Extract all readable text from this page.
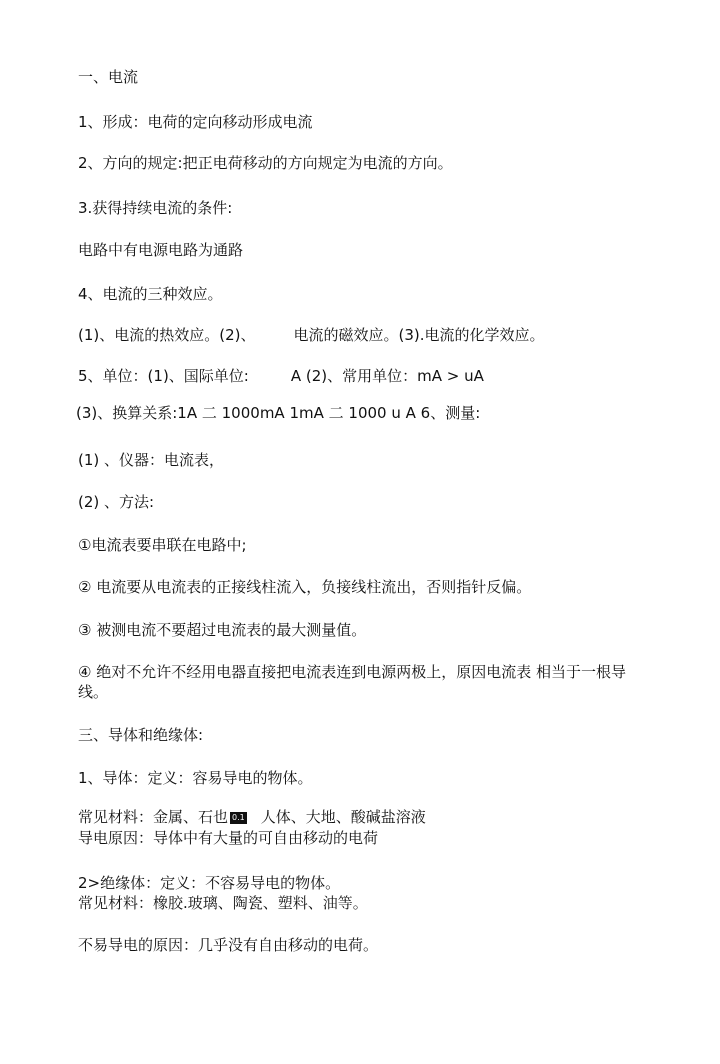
一、电流
1、形成：电荷的定向移动形成电流
2、方向的规定:把正电荷移动的方向规定为电流的方向。
3.获得持续电流的条件:
电路中有电源电路为通路
4、电流的三种效应。
(1)、电流的热效应。(2)、	电流的磁效应。(3).电流的化学效应。
5、单位：(1)、国际单位:	A (2)、常用单位：mA > uA
(3)、换算关系:1A 二 1000mA 1mA 二 1000 u A 6、测量:
(1) 、仪器：电流表，
(2) 、方法:
①电流表要串联在电路中;
② 电流要从电流表的正接线柱流入，负接线柱流出，否则指针反偏。
③ 被测电流不要超过电流表的最大测量值。
④ 绝对不允许不经用电器直接把电流表连到电源两极上，原因电流表 相当于一根导线。
三、导体和绝缘体:
1、导体：定义：容易导电的物体。
常见材料：金属、石也 0.1 人体、大地、酸碱盐溶液
导电原因：导体中有大量的可自由移动的电荷
2>绝缘体：定义：不容易导电的物体。
常见材料：橡胶.玻璃、陶瓷、塑料、油等。
不易导电的原因：几乎没有自由移动的电荷。
